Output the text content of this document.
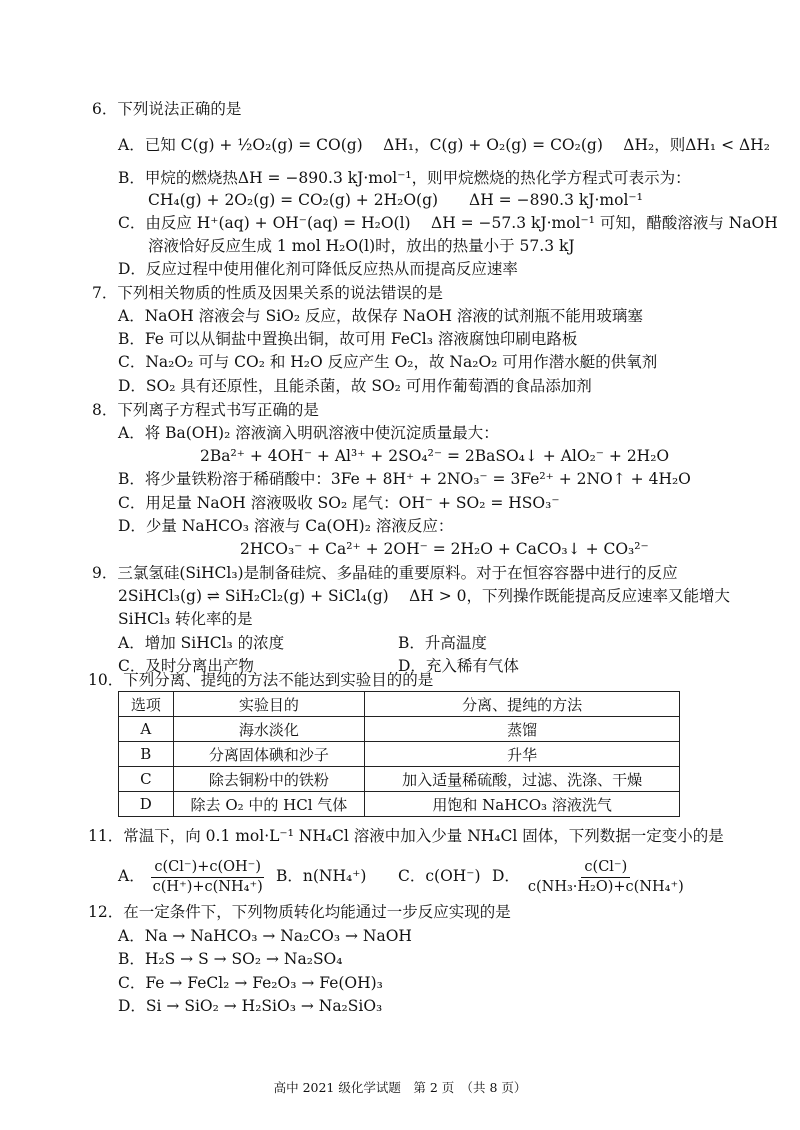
6．下列说法正确的是
A．已知 C(g) + ½O₂(g) = CO(g)　 ΔH₁，C(g) + O₂(g) = CO₂(g)　 ΔH₂，则ΔH₁ < ΔH₂
B．甲烷的燃烧热ΔH = −890.3 kJ·mol⁻¹，则甲烷燃烧的热化学方程式可表示为：
CH₄(g) + 2O₂(g) = CO₂(g) + 2H₂O(g)　　ΔH = −890.3 kJ·mol⁻¹
C．由反应 H⁺(aq) + OH⁻(aq) = H₂O(l)　 ΔH = −57.3 kJ·mol⁻¹ 可知，醋酸溶液与 NaOH
溶液恰好反应生成 1 mol H₂O(l)时，放出的热量小于 57.3 kJ
D．反应过程中使用催化剂可降低反应热从而提高反应速率
7．下列相关物质的性质及因果关系的说法错误的是
A．NaOH 溶液会与 SiO₂ 反应，故保存 NaOH 溶液的试剂瓶不能用玻璃塞
B．Fe 可以从铜盐中置换出铜，故可用 FeCl₃ 溶液腐蚀印刷电路板
C．Na₂O₂ 可与 CO₂ 和 H₂O 反应产生 O₂，故 Na₂O₂ 可用作潜水艇的供氧剂
D．SO₂ 具有还原性，且能杀菌，故 SO₂ 可用作葡萄酒的食品添加剂
8．下列离子方程式书写正确的是
A．将 Ba(OH)₂ 溶液滴入明矾溶液中使沉淀质量最大：
2Ba²⁺ + 4OH⁻ + Al³⁺ + 2SO₄²⁻ = 2BaSO₄↓ + AlO₂⁻ + 2H₂O
B．将少量铁粉溶于稀硝酸中：3Fe + 8H⁺ + 2NO₃⁻ = 3Fe²⁺ + 2NO↑ + 4H₂O
C．用足量 NaOH 溶液吸收 SO₂ 尾气：OH⁻ + SO₂ = HSO₃⁻
D．少量 NaHCO₃ 溶液与 Ca(OH)₂ 溶液反应：
2HCO₃⁻ + Ca²⁺ + 2OH⁻ = 2H₂O + CaCO₃↓ + CO₃²⁻
9．三氯氢硅(SiHCl₃)是制备硅烷、多晶硅的重要原料。对于在恒容容器中进行的反应
2SiHCl₃(g) ⇌ SiH₂Cl₂(g) + SiCl₄(g)　 ΔH > 0，下列操作既能提高反应速率又能增大
SiHCl₃ 转化率的是
A．增加 SiHCl₃ 的浓度	B．升高温度
C．及时分离出产物	D．充入稀有气体
10．下列分离、提纯的方法不能达到实验目的的是
选项	实验目的	分离、提纯的方法
A	海水淡化	蒸馏
B	分离固体碘和沙子	升华
C	除去铜粉中的铁粉	加入适量稀硫酸，过滤、洗涤、干燥
D	除去 O₂ 中的 HCl 气体	用饱和 NaHCO₃ 溶液洗气
11．常温下，向 0.1 mol·L⁻¹ NH₄Cl 溶液中加入少量 NH₄Cl 固体，下列数据一定变小的是
A． $\frac{c(Cl^-)+c(OH^-)}{\text{c(H⁺)+c(NH₄⁺)}}$ B．n(NH₄⁺) C．c(OH⁻) D． $\frac{c(Cl^-)}{\text{c(NH₃·H₂O)+c(NH₄⁺)}}$
12．在一定条件下，下列物质转化均能通过一步反应实现的是
A．Na → NaHCO₃ → Na₂CO₃ → NaOH
B．H₂S → S → SO₂ → Na₂SO₄
C．Fe → FeCl₂ → Fe₂O₃ → Fe(OH)₃
D．Si → SiO₂ → H₂SiO₃ → Na₂SiO₃
高中 2021 级化学试题　第 2 页　（共 8 页）
